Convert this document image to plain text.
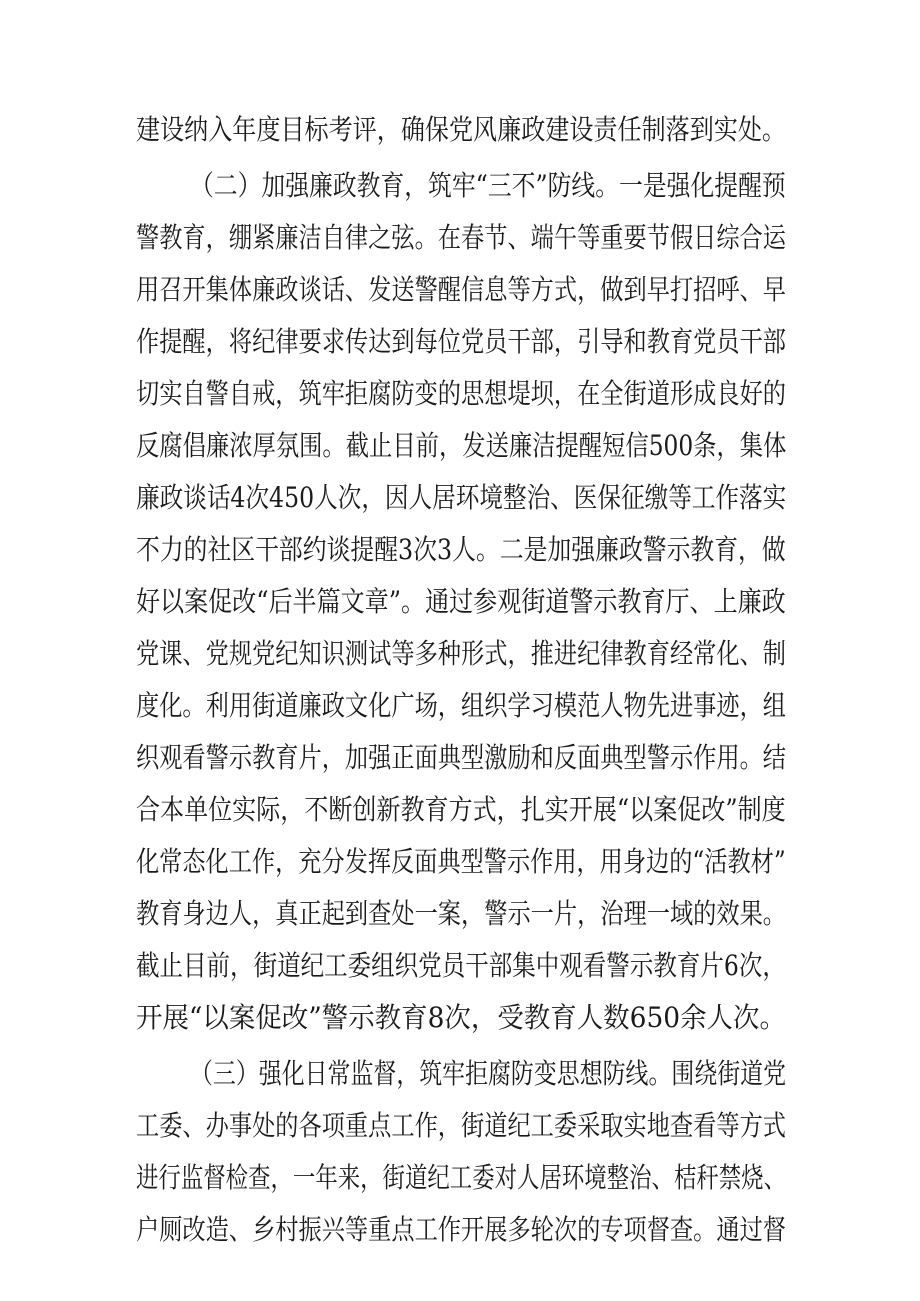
建设纳入年度目标考评，确保党风廉政建设责任制落到实处。
（二）加强廉政教育，筑牢“三不”防线。一是强化提醒预
警教育，绷紧廉洁自律之弦。在春节、端午等重要节假日综合运
用召开集体廉政谈话、发送警醒信息等方式，做到早打招呼、早
作提醒，将纪律要求传达到每位党员干部，引导和教育党员干部
切实自警自戒，筑牢拒腐防变的思想堤坝，在全街道形成良好的
反腐倡廉浓厚氛围。截止目前，发送廉洁提醒短信500条，集体
廉政谈话4次450人次，因人居环境整治、医保征缴等工作落实
不力的社区干部约谈提醒3次3人。二是加强廉政警示教育，做
好以案促改“后半篇文章”。通过参观街道警示教育厅、上廉政
党课、党规党纪知识测试等多种形式，推进纪律教育经常化、制
度化。利用街道廉政文化广场，组织学习模范人物先进事迹，组
织观看警示教育片，加强正面典型激励和反面典型警示作用。结
合本单位实际，不断创新教育方式，扎实开展“以案促改”制度
化常态化工作，充分发挥反面典型警示作用，用身边的“活教材”
教育身边人，真正起到查处一案，警示一片，治理一域的效果。
截止目前，街道纪工委组织党员干部集中观看警示教育片6次，
开展“以案促改”警示教育8次，受教育人数650余人次。
（三）强化日常监督，筑牢拒腐防变思想防线。围绕街道党
工委、办事处的各项重点工作，街道纪工委采取实地查看等方式
进行监督检查，一年来，街道纪工委对人居环境整治、桔秆禁烧、
户厕改造、乡村振兴等重点工作开展多轮次的专项督查。通过督
